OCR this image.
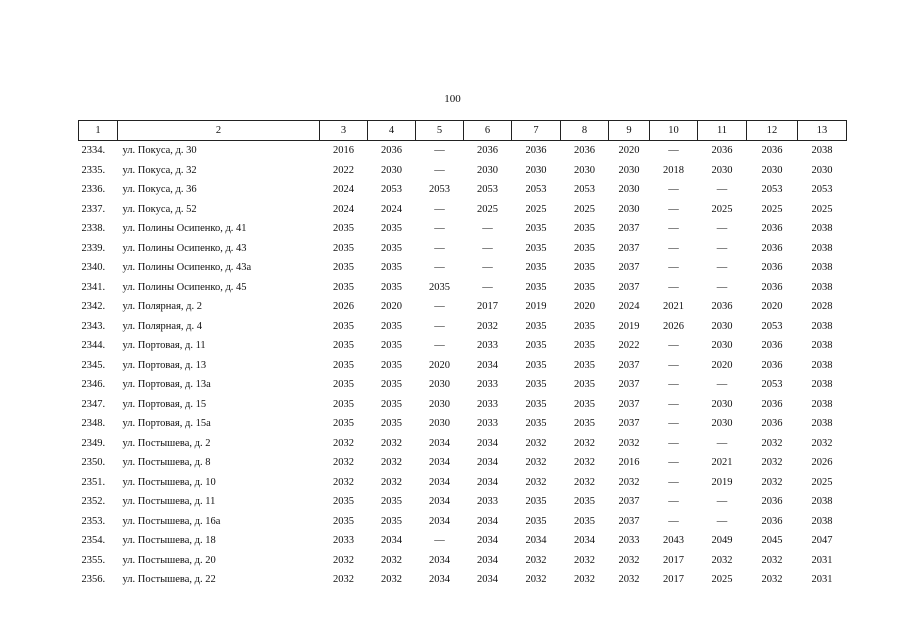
100
1	2	3	4	5	6	7	8	9	10	11	12	13
2334.	ул. Покуса, д. 30	2016	2036	—	2036	2036	2036	2020	—	2036	2036	2038
2335.	ул. Покуса, д. 32	2022	2030	—	2030	2030	2030	2030	2018	2030	2030	2030
2336.	ул. Покуса, д. 36	2024	2053	2053	2053	2053	2053	2030	—	—	2053	2053
2337.	ул. Покуса, д. 52	2024	2024	—	2025	2025	2025	2030	—	2025	2025	2025
2338.	ул. Полины Осипенко, д. 41	2035	2035	—	—	2035	2035	2037	—	—	2036	2038
2339.	ул. Полины Осипенко, д. 43	2035	2035	—	—	2035	2035	2037	—	—	2036	2038
2340.	ул. Полины Осипенко, д. 43а	2035	2035	—	—	2035	2035	2037	—	—	2036	2038
2341.	ул. Полины Осипенко, д. 45	2035	2035	2035	—	2035	2035	2037	—	—	2036	2038
2342.	ул. Полярная, д. 2	2026	2020	—	2017	2019	2020	2024	2021	2036	2020	2028
2343.	ул. Полярная, д. 4	2035	2035	—	2032	2035	2035	2019	2026	2030	2053	2038
2344.	ул. Портовая, д. 11	2035	2035	—	2033	2035	2035	2022	—	2030	2036	2038
2345.	ул. Портовая, д. 13	2035	2035	2020	2034	2035	2035	2037	—	2020	2036	2038
2346.	ул. Портовая, д. 13а	2035	2035	2030	2033	2035	2035	2037	—	—	2053	2038
2347.	ул. Портовая, д. 15	2035	2035	2030	2033	2035	2035	2037	—	2030	2036	2038
2348.	ул. Портовая, д. 15а	2035	2035	2030	2033	2035	2035	2037	—	2030	2036	2038
2349.	ул. Постышева, д. 2	2032	2032	2034	2034	2032	2032	2032	—	—	2032	2032
2350.	ул. Постышева, д. 8	2032	2032	2034	2034	2032	2032	2016	—	2021	2032	2026
2351.	ул. Постышева, д. 10	2032	2032	2034	2034	2032	2032	2032	—	2019	2032	2025
2352.	ул. Постышева, д. 11	2035	2035	2034	2033	2035	2035	2037	—	—	2036	2038
2353.	ул. Постышева, д. 16а	2035	2035	2034	2034	2035	2035	2037	—	—	2036	2038
2354.	ул. Постышева, д. 18	2033	2034	—	2034	2034	2034	2033	2043	2049	2045	2047
2355.	ул. Постышева, д. 20	2032	2032	2034	2034	2032	2032	2032	2017	2032	2032	2031
2356.	ул. Постышева, д. 22	2032	2032	2034	2034	2032	2032	2032	2017	2025	2032	2031
